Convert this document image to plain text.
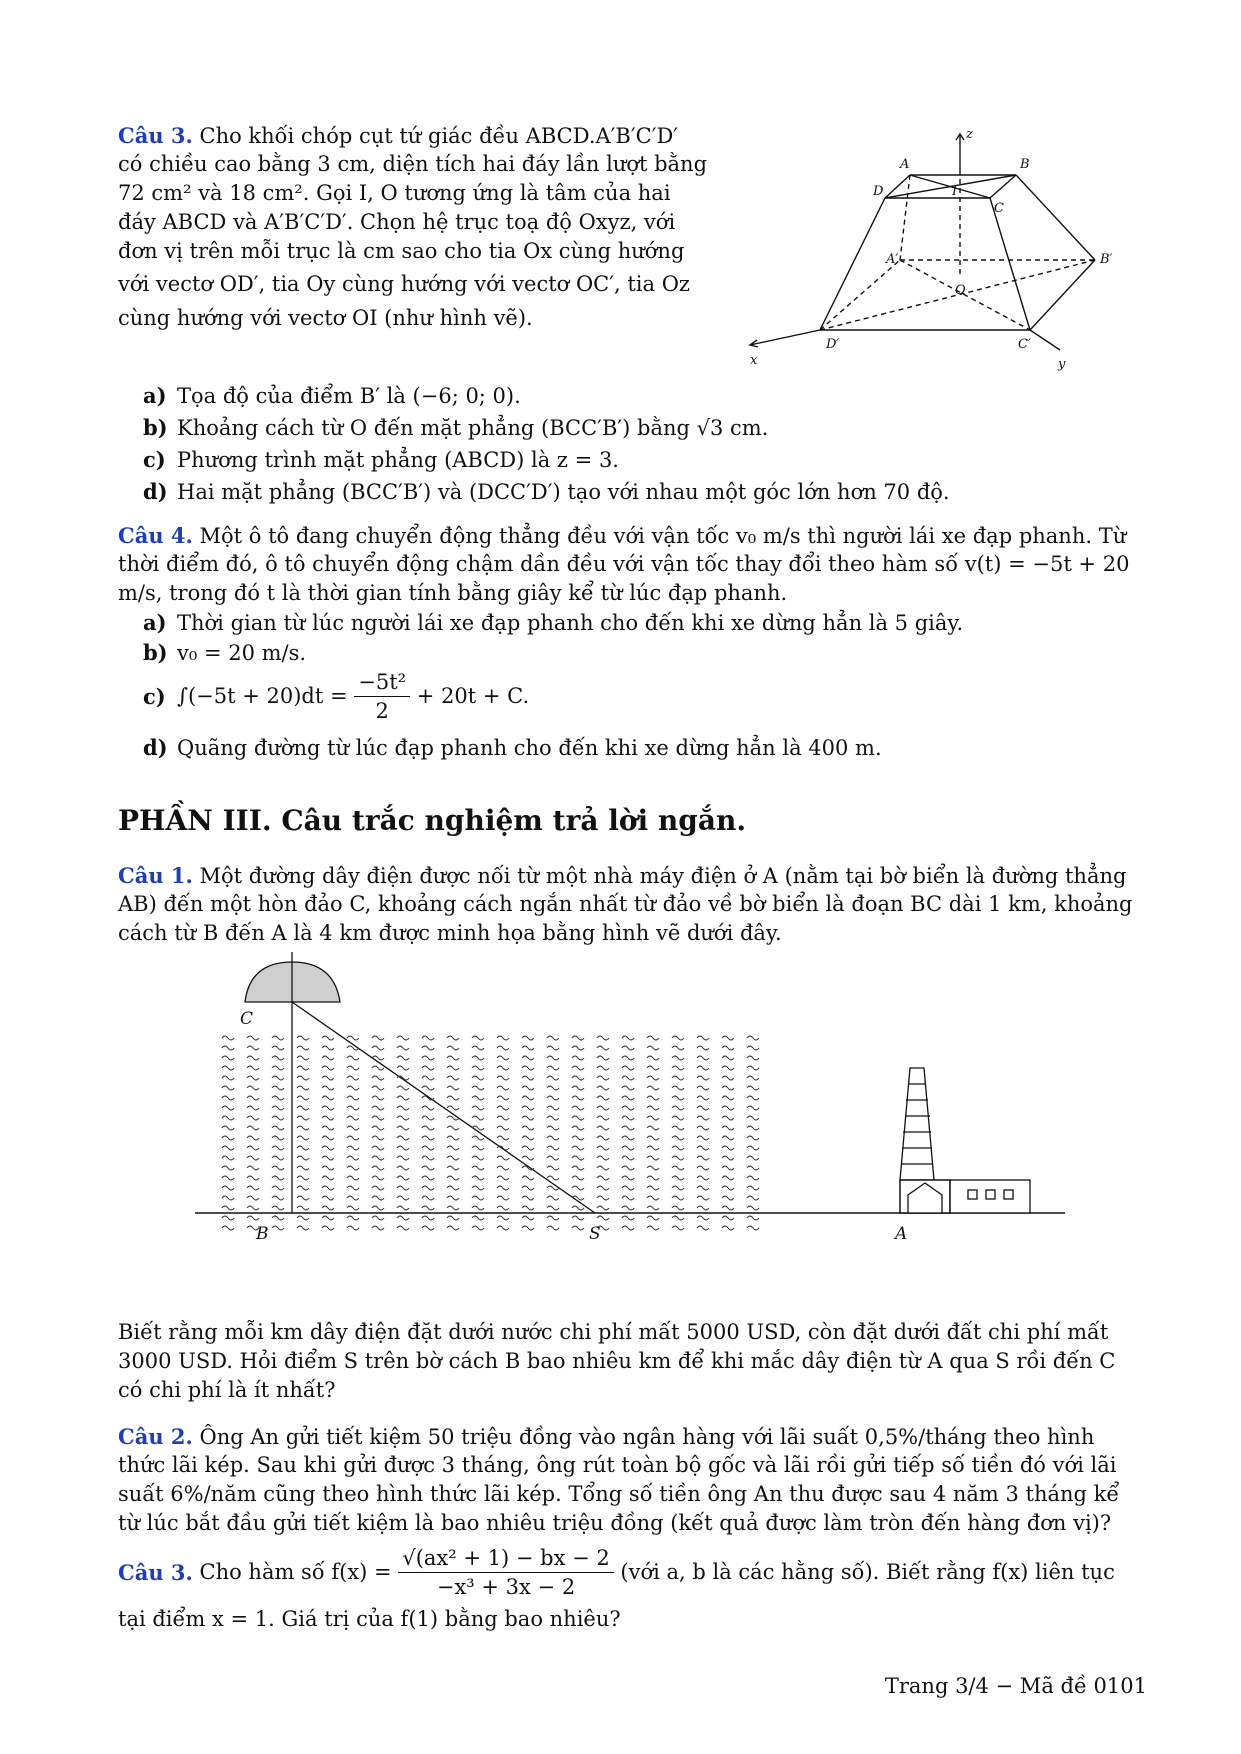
Câu 3. Cho khối chóp cụt tứ giác đều ABCD.A′B′C′D′
có chiều cao bằng 3 cm, diện tích hai đáy lần lượt bằng
72 cm² và 18 cm². Gọi I, O tương ứng là tâm của hai
đáy ABCD và A′B′C′D′. Chọn hệ trục toạ độ Oxyz, với
đơn vị trên mỗi trục là cm sao cho tia Ox cùng hướng
với vectơ OD′, tia Oy cùng hướng với vectơ OC′, tia Oz
cùng hướng với vectơ OI (như hình vẽ).
z
A	B
D	I
C
A′	B′
O
D′	C′
x	y
a) Tọa độ của điểm B′ là (−6; 0; 0).
b) Khoảng cách từ O đến mặt phẳng (BCC′B′) bằng √3 cm.
c) Phương trình mặt phẳng (ABCD) là z = 3.
d) Hai mặt phẳng (BCC′B′) và (DCC′D′) tạo với nhau một góc lớn hơn 70 độ.
Câu 4. Một ô tô đang chuyển động thẳng đều với vận tốc v₀ m/s thì người lái xe đạp phanh. Từ
thời điểm đó, ô tô chuyển động chậm dần đều với vận tốc thay đổi theo hàm số v(t) = −5t + 20
m/s, trong đó t là thời gian tính bằng giây kể từ lúc đạp phanh.
a) Thời gian từ lúc người lái xe đạp phanh cho đến khi xe dừng hẳn là 5 giây.
b) v₀ = 20 m/s.
c) $\int(-5t + 20)dt = \frac{\text{−5t²}}{2} + 20t + C$.
d) Quãng đường từ lúc đạp phanh cho đến khi xe dừng hẳn là 400 m.
PHẦN III. Câu trắc nghiệm trả lời ngắn.
Câu 1. Một đường dây điện được nối từ một nhà máy điện ở A (nằm tại bờ biển là đường thẳng
AB) đến một hòn đảo C, khoảng cách ngắn nhất từ đảo về bờ biển là đoạn BC dài 1 km, khoảng
cách từ B đến A là 4 km được minh họa bằng hình vẽ dưới đây.
C
B	S	A
Biết rằng mỗi km dây điện đặt dưới nước chi phí mất 5000 USD, còn đặt dưới đất chi phí mất
3000 USD. Hỏi điểm S trên bờ cách B bao nhiêu km để khi mắc dây điện từ A qua S rồi đến C
có chi phí là ít nhất?
Câu 2. Ông An gửi tiết kiệm 50 triệu đồng vào ngân hàng với lãi suất 0,5%/tháng theo hình
thức lãi kép. Sau khi gửi được 3 tháng, ông rút toàn bộ gốc và lãi rồi gửi tiếp số tiền đó với lãi
suất 6%/năm cũng theo hình thức lãi kép. Tổng số tiền ông An thu được sau 4 năm 3 tháng kể
từ lúc bắt đầu gửi tiết kiệm là bao nhiêu triệu đồng (kết quả được làm tròn đến hàng đơn vị)?
Câu 3. Cho hàm số $f(x) = \frac{\text{√(ax² + 1) − bx − 2}}{\text{−x³ + 3x − 2}}$ (với a, b là các hằng số). Biết rằng f(x) liên tục
tại điểm x = 1. Giá trị của f(1) bằng bao nhiêu?
Trang 3/4 − Mã đề 0101
